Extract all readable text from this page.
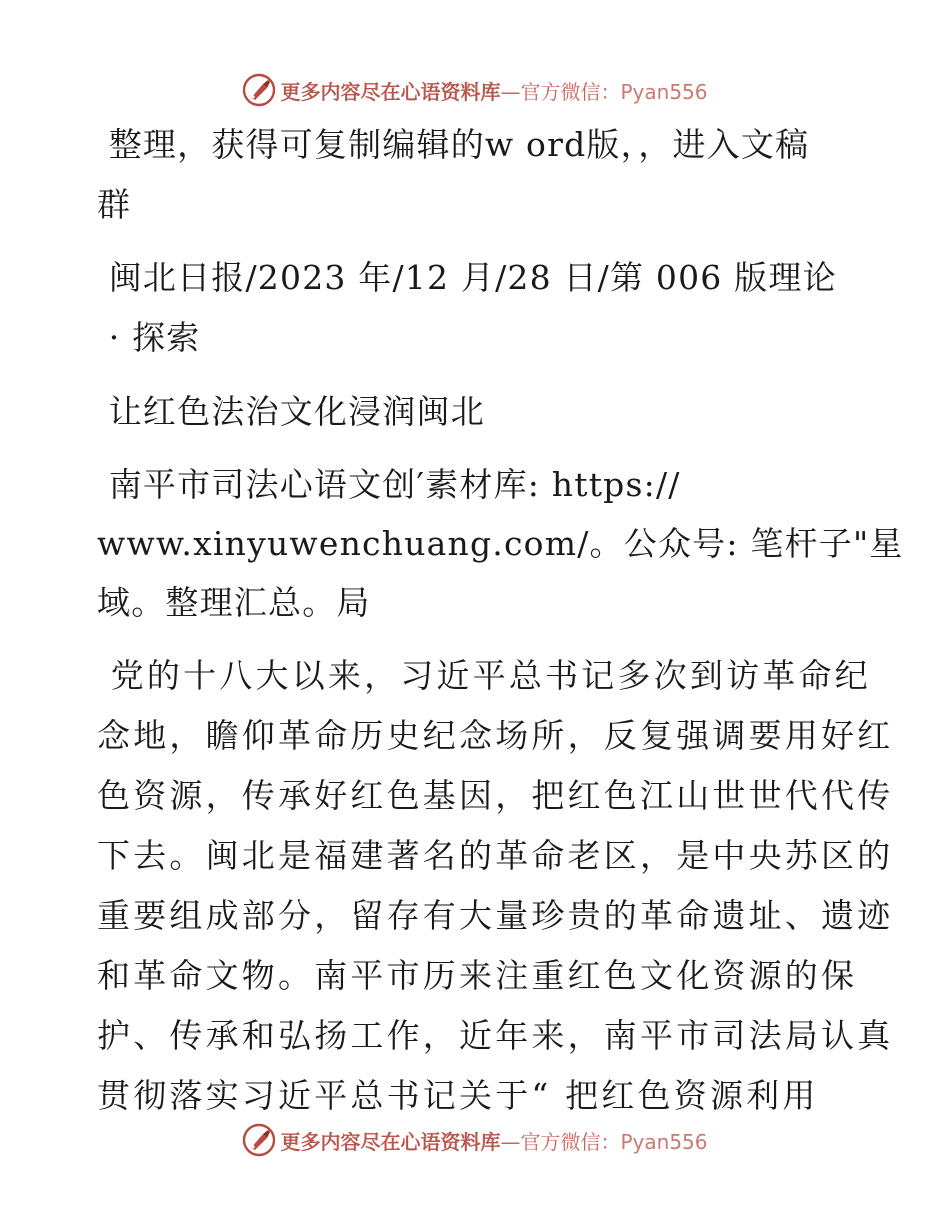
更多内容尽在心语资料库—官方微信：Pyan556
整理，获得可复制编辑的w ord版，，进入文稿
群
闽北日报/2023 年/12 月/28 日/第 006 版理论
· 探索
让红色法治文化浸润闽北
南平市司法心语文创′素材库: https://
www.xinyuwenchuang.com/。公众号: 笔杆子"星
域。整理汇总。局
党的十八大以来，习近平总书记多次到访革命纪
念地，瞻仰革命历史纪念场所，反复强调要用好红
色资源，传承好红色基因，把红色江山世世代代传
下去。闽北是福建著名的革命老区，是中央苏区的
重要组成部分，留存有大量珍贵的革命遗址、遗迹
和革命文物。南平市历来注重红色文化资源的保
护、传承和弘扬工作，近年来，南平市司法局认真
贯彻落实习近平总书记关于“ 把红色资源利用
更多内容尽在心语资料库—官方微信：Pyan556
